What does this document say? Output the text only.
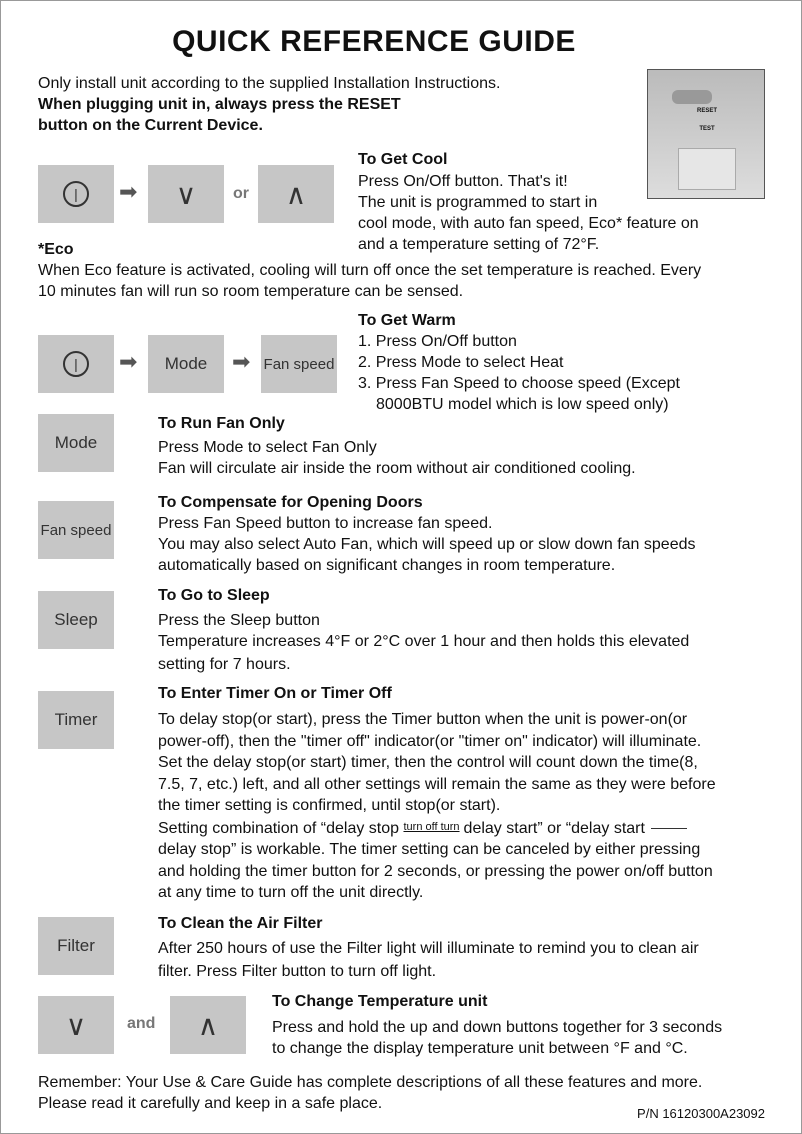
QUICK REFERENCE GUIDE
Only install unit according to the supplied Installation Instructions.
When plugging unit in, always press the RESET
button on the Current Device.
RESET
TEST
|	➡	∨	or	∧
To Get Cool
Press On/Off button. That's it!
The unit is programmed to start in
cool mode, with auto fan speed, Eco* feature on
and a temperature setting of 72°F.
*Eco
When Eco feature is activated, cooling will turn off once the set temperature is reached. Every
10 minutes fan will run so room temperature can be sensed.
|	➡	Mode	➡ Fan speed
To Get Warm
1. Press On/Off button
2. Press Mode to select Heat
3. Press Fan Speed to choose speed (Except
8000BTU model which is low speed only)
Mode
To Run Fan Only
Press Mode to select Fan Only
Fan will circulate air inside the room without air conditioned cooling.
Fan speed
To Compensate for Opening Doors
Press Fan Speed button to increase fan speed.
You may also select Auto Fan, which will speed up or slow down fan speeds
automatically based on significant changes in room temperature.
Sleep
To Go to Sleep
Press the Sleep button
Temperature increases 4°F or 2°C over 1 hour and then holds this elevated
setting for 7 hours.
Timer
To Enter Timer On or Timer Off
To delay stop(or start), press the Timer button when the unit is power-on(or
power-off), then the "timer off" indicator(or "timer on" indicator) will illuminate.
Set the delay stop(or start) timer, then the control will count down the time(8,
7.5, 7, etc.) left, and all other settings will remain the same as they were before
the timer setting is confirmed, until stop(or start).
Setting combination of “delay stop turn off turn delay start” or “delay start
delay stop” is workable. The timer setting can be canceled by either pressing
and holding the timer button for 2 seconds, or pressing the power on/off button
at any time to turn off the unit directly.
Filter
To Clean the Air Filter
After 250 hours of use the Filter light will illuminate to remind you to clean air
filter. Press Filter button to turn off light.
∨	and	∧
To Change Temperature unit
Press and hold the up and down buttons together for 3 seconds
to change the display temperature unit between °F and °C.
Remember: Your Use & Care Guide has complete descriptions of all these features and more.
Please read it carefully and keep in a safe place.
P/N 16120300A23092
